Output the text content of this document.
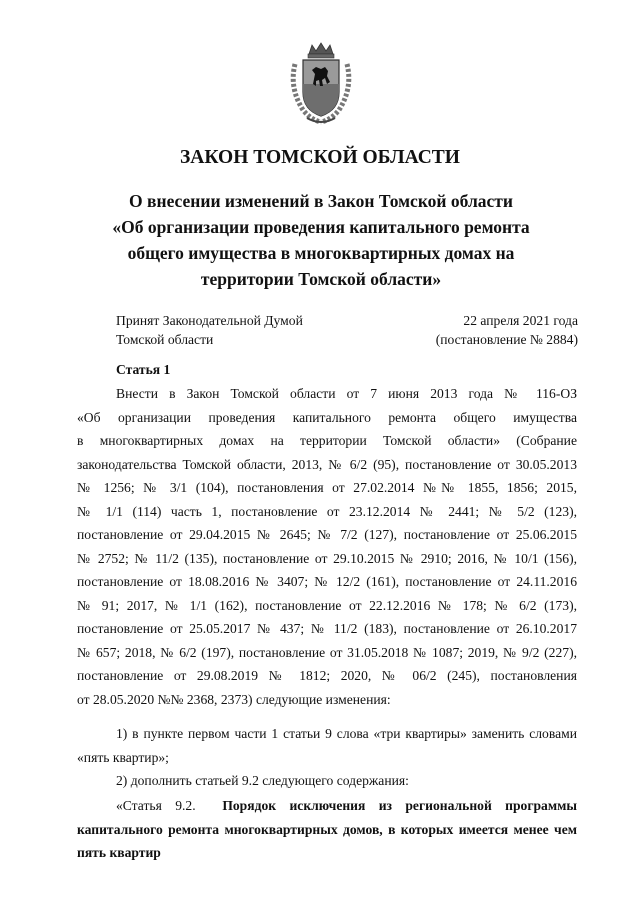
ЗАКОН ТОМСКОЙ ОБЛАСТИ
О внесении изменений в Закон Томской области
«Об организации проведения капитального ремонта
общего имущества в многоквартирных домах на
территории Томской области»
Принят Законодательной Думой
Томской области
22 апреля 2021 года
(постановление № 2884)
Статья 1
Внести в Закон Томской области от 7 июня 2013 года № 116-ОЗ
«Об организации проведения капитального ремонта общего имущества
в многоквартирных домах на территории Томской области» (Собрание
законодательства Томской области, 2013, № 6/2 (95), постановление от 30.05.2013
№ 1256; № 3/1 (104), постановления от 27.02.2014 №№ 1855, 1856; 2015,
№ 1/1 (114) часть 1, постановление от 23.12.2014 № 2441; № 5/2 (123),
постановление от 29.04.2015 № 2645; № 7/2 (127), постановление от 25.06.2015
№ 2752; № 11/2 (135), постановление от 29.10.2015 № 2910; 2016, № 10/1 (156),
постановление от 18.08.2016 № 3407; № 12/2 (161), постановление от 24.11.2016
№ 91; 2017, № 1/1 (162), постановление от 22.12.2016 № 178; № 6/2 (173),
постановление от 25.05.2017 № 437; № 11/2 (183), постановление от 26.10.2017
№ 657; 2018, № 6/2 (197), постановление от 31.05.2018 № 1087; 2019, № 9/2 (227),
постановление от 29.08.2019 № 1812; 2020, № 06/2 (245), постановления
от 28.05.2020 №№ 2368, 2373) следующие изменения:
1) в пункте первом части 1 статьи 9 слова «три квартиры» заменить словами
«пять квартир»;
2) дополнить статьей 9.2 следующего содержания:
«Статья 9.2. Порядок исключения из региональной программы
капитального ремонта многоквартирных домов, в которых имеется менее чем
пять квартир
